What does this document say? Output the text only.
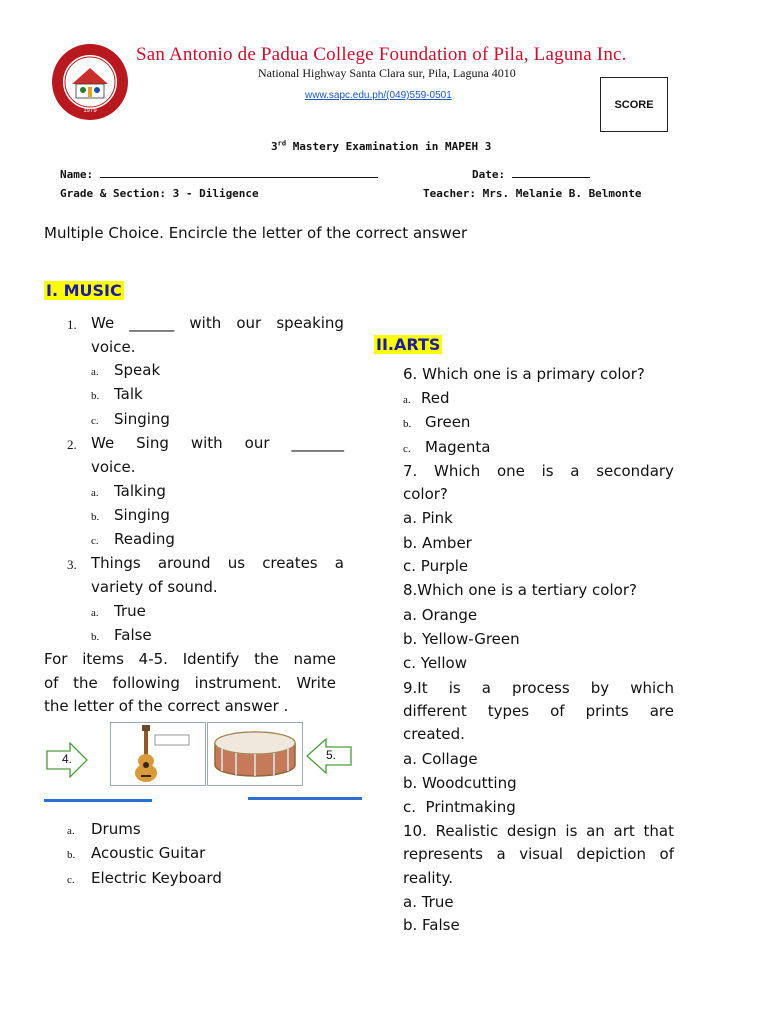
1979
San Antonio de Padua College Foundation of Pila, Laguna Inc.
National Highway Santa Clara sur, Pila, Laguna 4010
www.sapc.edu.ph/(049)559-0501
SCORE
3rd Mastery Examination in MAPEH 3
Name:	Date:
Grade & Section: 3 - Diligence	Teacher: Mrs. Melanie B. Belmonte
Multiple Choice. Encircle the letter of the correct answer
I. MUSIC
1. We ______ with our speaking
voice.
a. Speak
b. Talk
c. Singing
2. We Sing with our _______
voice.
a. Talking
b. Singing
c. Reading
3. Things around us creates a
variety of sound.
a. True
b. False
For items 4-5. Identify the name
of the following instrument. Write
the letter of the correct answer .
4.	5.
a. Drums
b. Acoustic Guitar
c. Electric Keyboard
II.ARTS
6. Which one is a primary color?
a. Red
b. Green
c. Magenta
7. Which one is a secondary
color?
a. Pink
b. Amber
c. Purple
8.Which one is a tertiary color?
a. Orange
b. Yellow-Green
c. Yellow
9.It is a process by which
different types of prints are
created.
a. Collage
b. Woodcutting
c.  Printmaking
10. Realistic design is an art that
represents a visual depiction of
reality.
a. True
b. False
